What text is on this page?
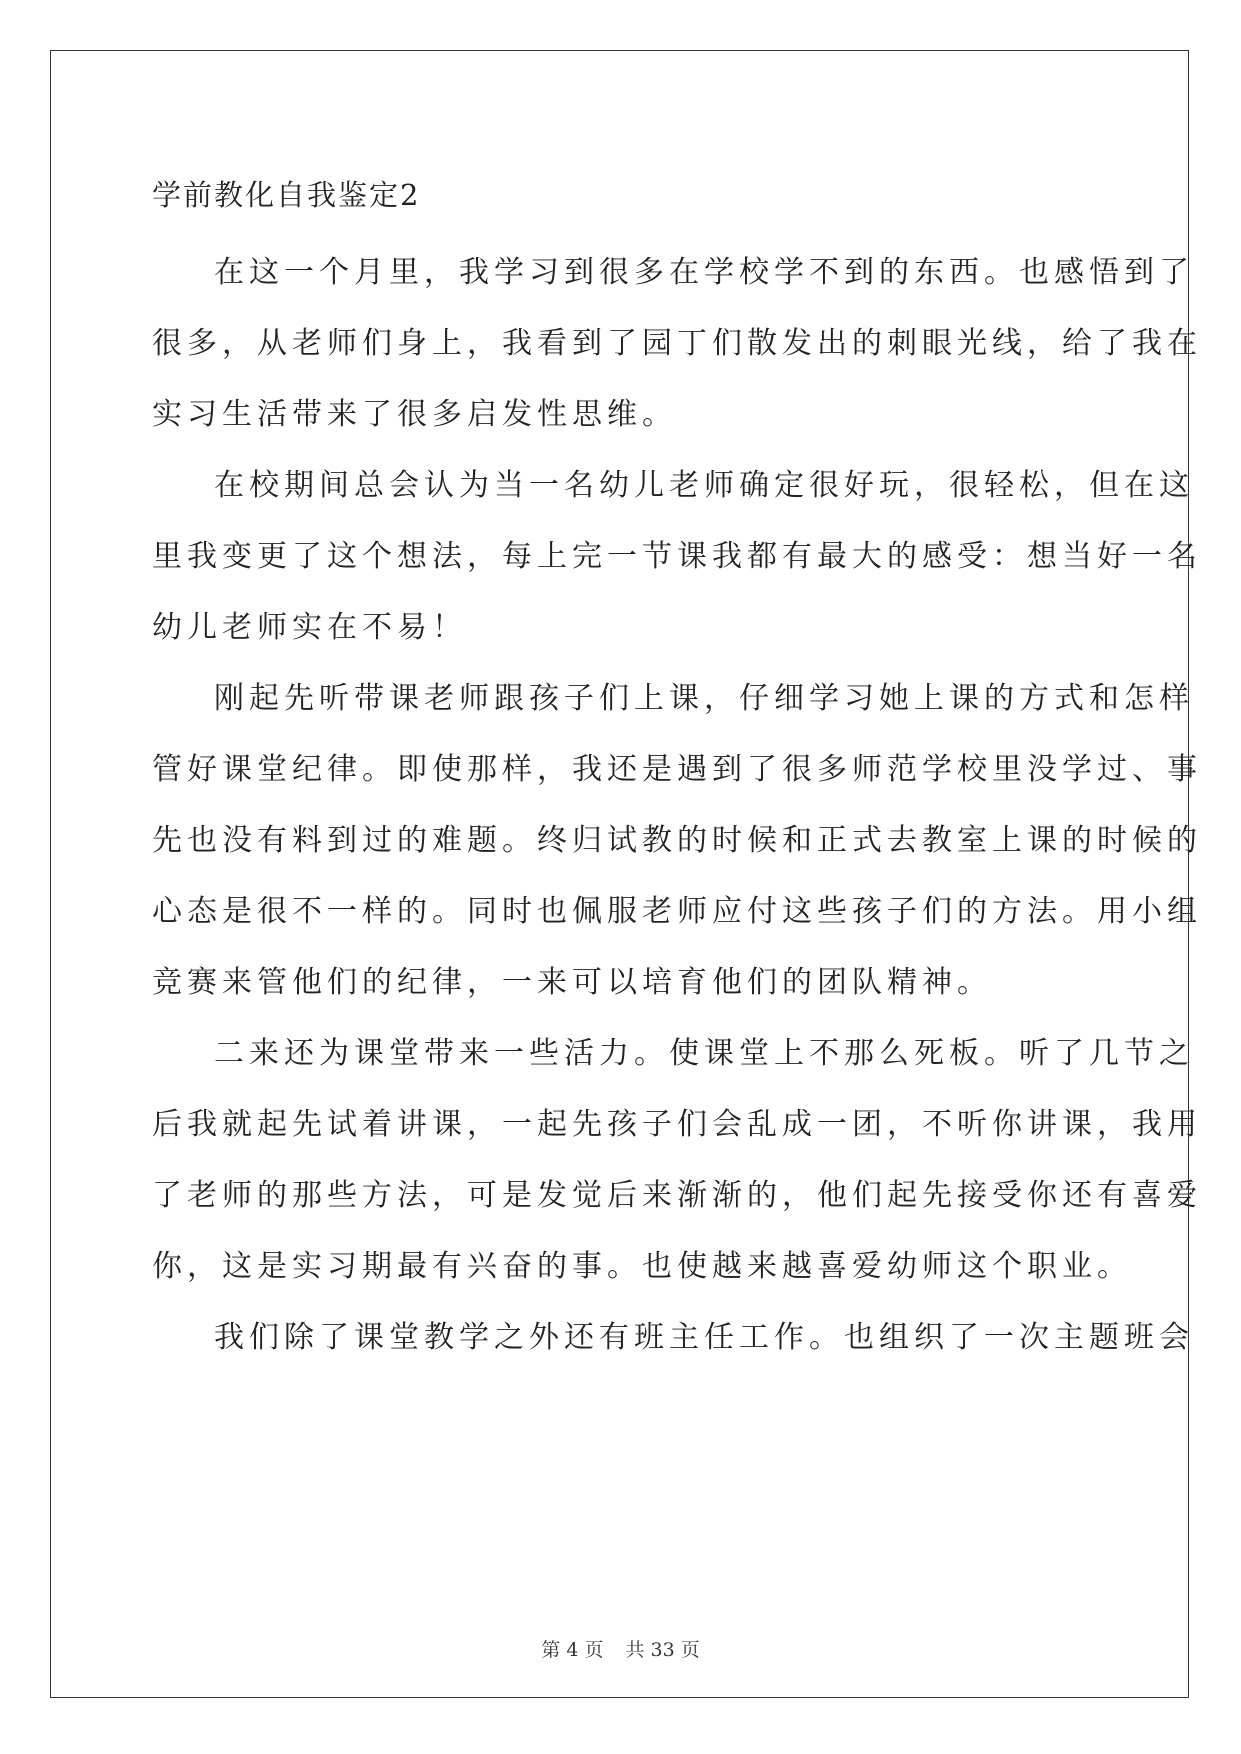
学前教化自我鉴定2
在这一个月里，我学习到很多在学校学不到的东西。也感悟到了
很多，从老师们身上，我看到了园丁们散发出的刺眼光线，给了我在
实习生活带来了很多启发性思维。
在校期间总会认为当一名幼儿老师确定很好玩，很轻松，但在这
里我变更了这个想法，每上完一节课我都有最大的感受：想当好一名
幼儿老师实在不易！
刚起先听带课老师跟孩子们上课，仔细学习她上课的方式和怎样
管好课堂纪律。即使那样，我还是遇到了很多师范学校里没学过、事
先也没有料到过的难题。终归试教的时候和正式去教室上课的时候的
心态是很不一样的。同时也佩服老师应付这些孩子们的方法。用小组
竞赛来管他们的纪律，一来可以培育他们的团队精神。
二来还为课堂带来一些活力。使课堂上不那么死板。听了几节之
后我就起先试着讲课，一起先孩子们会乱成一团，不听你讲课，我用
了老师的那些方法，可是发觉后来渐渐的，他们起先接受你还有喜爱
你，这是实习期最有兴奋的事。也使越来越喜爱幼师这个职业。
我们除了课堂教学之外还有班主任工作。也组织了一次主题班会
第 4 页 共 33 页
